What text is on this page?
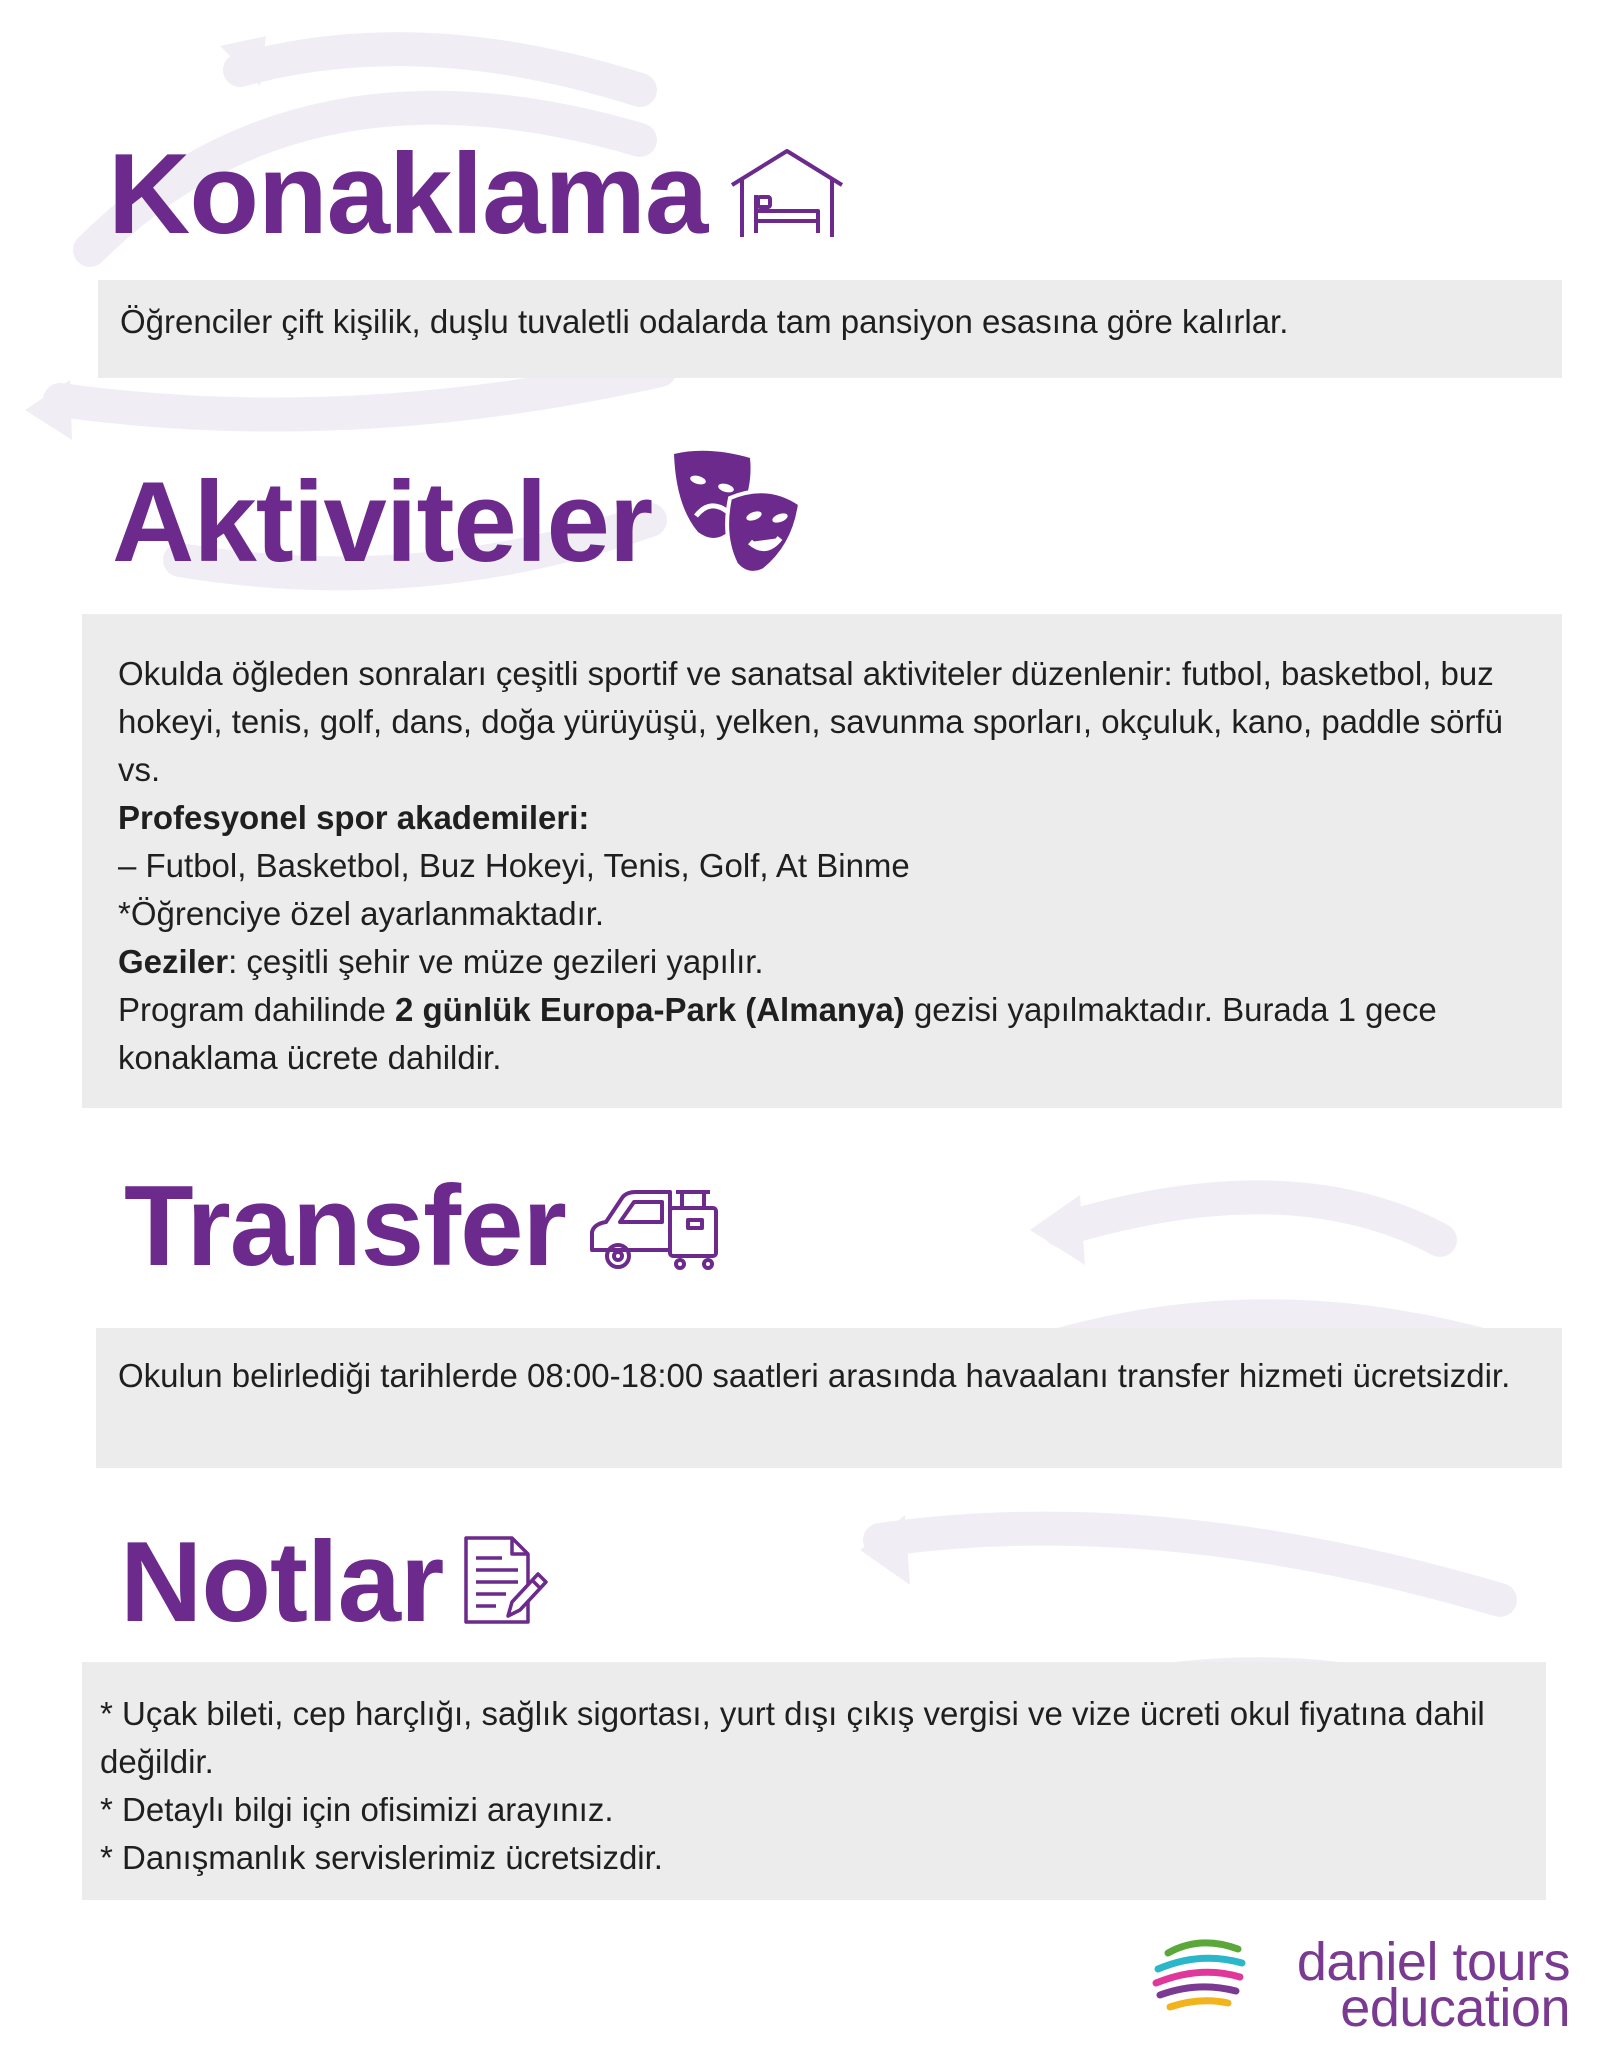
Konaklama

Öğrenciler çift kişilik, duşlu tuvaletli odalarda tam pansiyon esasına göre kalırlar.

Aktiviteler

Okulda öğleden sonraları çeşitli sportif ve sanatsal aktiviteler düzenlenir: futbol, basketbol, buz hokeyi, tenis, golf, dans, doğa yürüyüşü, yelken, savunma sporları, okçuluk, kano, paddle sörfü vs.

Profesyonel spor akademileri:

– Futbol, Basketbol, Buz Hokeyi, Tenis, Golf, At Binme

*Öğrenciye özel ayarlanmaktadır.

Geziler: çeşitli şehir ve müze gezileri yapılır.

Program dahilinde 2 günlük Europa-Park (Almanya) gezisi yapılmaktadır. Burada 1 gece konaklama ücrete dahildir.

Transfer

Okulun belirlediği tarihlerde 08:00-18:00 saatleri arasında havaalanı transfer hizmeti ücretsizdir.

Notlar

* Uçak bileti, cep harçlığı, sağlık sigortası, yurt dışı çıkış vergisi ve vize ücreti okul fiyatına dahil değildir.

* Detaylı bilgi için ofisimizi arayınız.

* Danışmanlık servislerimiz ücretsizdir.

daniel tours
education
